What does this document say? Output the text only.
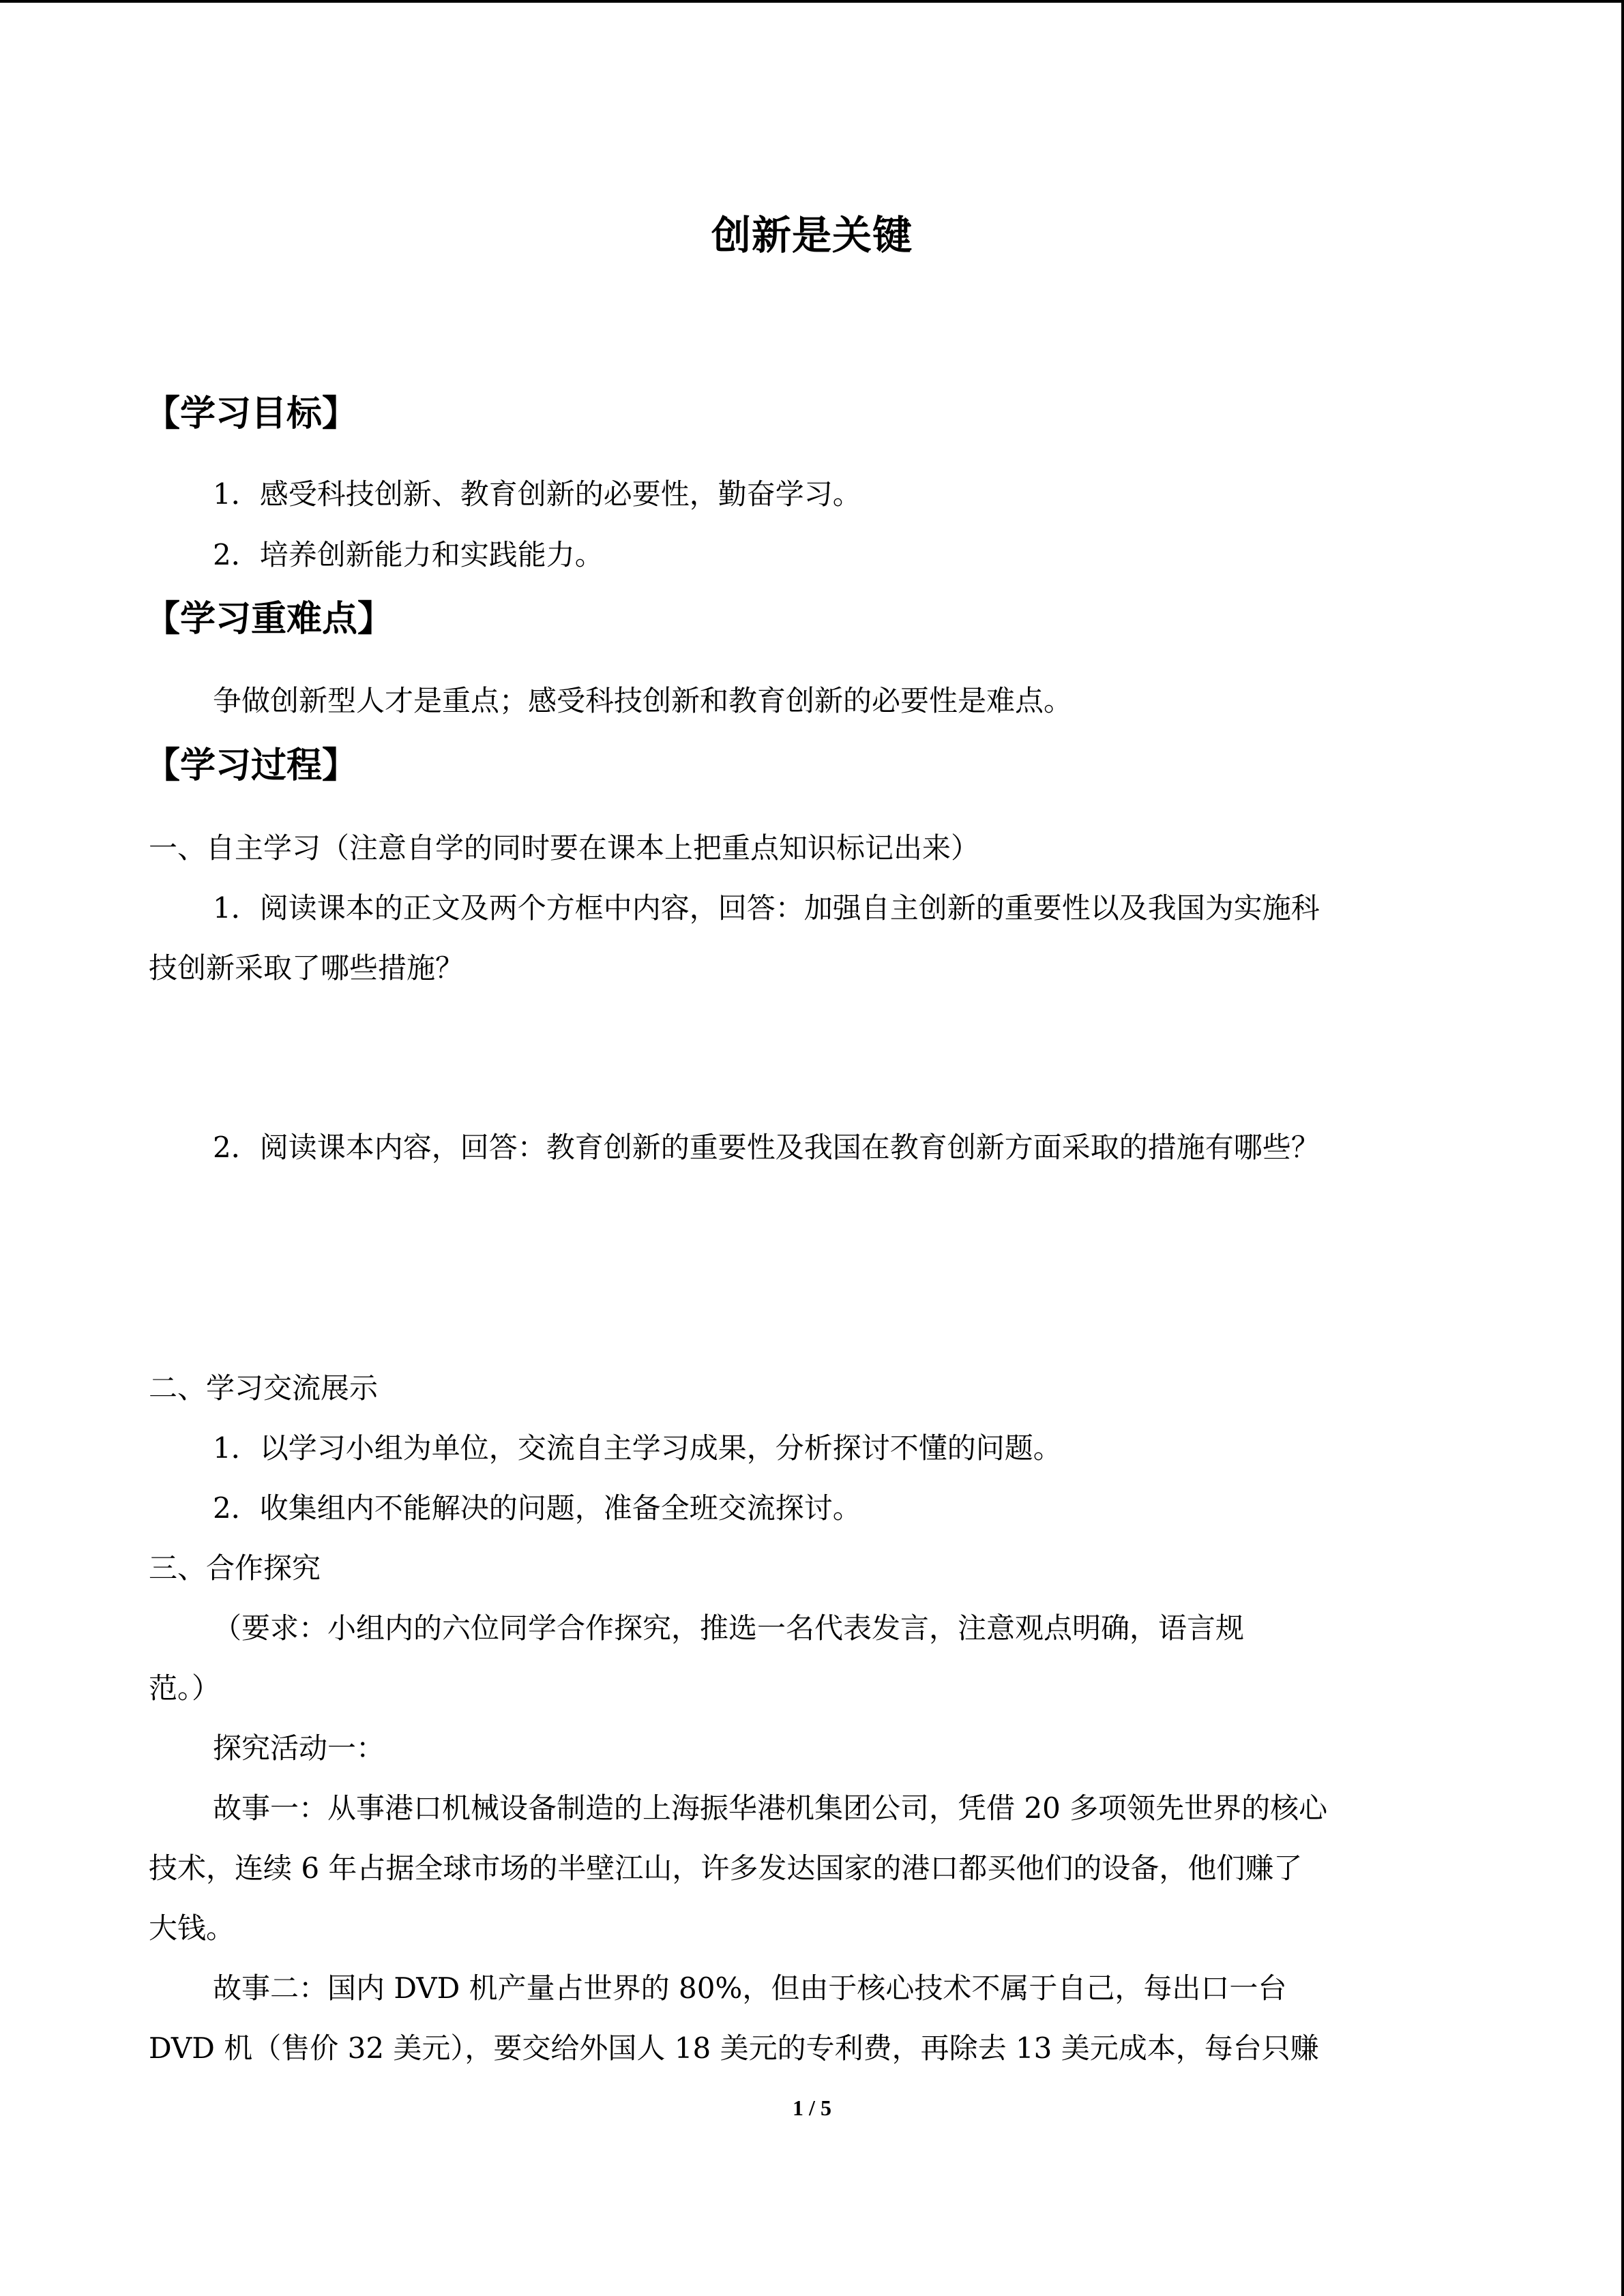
创新是关键
【学习目标】
1．感受科技创新、教育创新的必要性，勤奋学习。
2．培养创新能力和实践能力。
【学习重难点】
争做创新型人才是重点；感受科技创新和教育创新的必要性是难点。
【学习过程】
一、自主学习（注意自学的同时要在课本上把重点知识标记出来）
1．阅读课本的正文及两个方框中内容，回答：加强自主创新的重要性以及我国为实施科
技创新采取了哪些措施？
2．阅读课本内容，回答：教育创新的重要性及我国在教育创新方面采取的措施有哪些？
二、学习交流展示
1．以学习小组为单位，交流自主学习成果，分析探讨不懂的问题。
2．收集组内不能解决的问题，准备全班交流探讨。
三、合作探究
（要求：小组内的六位同学合作探究，推选一名代表发言，注意观点明确，语言规
范。）
探究活动一：
故事一：从事港口机械设备制造的上海振华港机集团公司，凭借 20 多项领先世界的核心
技术，连续 6 年占据全球市场的半壁江山，许多发达国家的港口都买他们的设备，他们赚了
大钱。
故事二：国内 DVD 机产量占世界的 80%，但由于核心技术不属于自己，每出口一台
DVD 机（售价 32 美元），要交给外国人 18 美元的专利费，再除去 13 美元成本，每台只赚
1 / 5
